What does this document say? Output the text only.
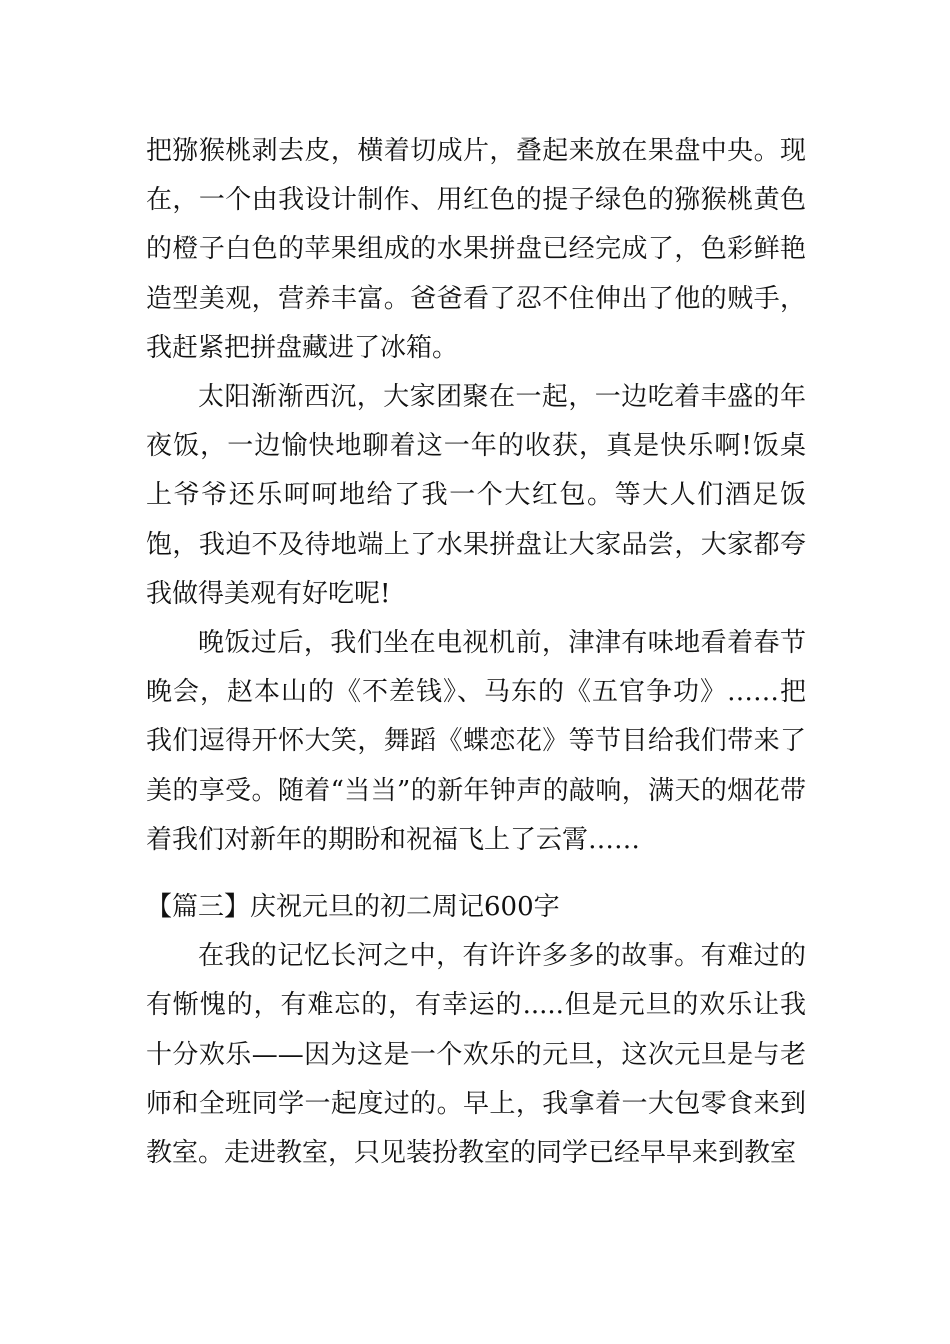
把猕猴桃剥去皮，横着切成片，叠起来放在果盘中央。现在，一个由我设计制作、用红色的提子绿色的猕猴桃黄色的橙子白色的苹果组成的水果拼盘已经完成了，色彩鲜艳造型美观，营养丰富。爸爸看了忍不住伸出了他的贼手，我赶紧把拼盘藏进了冰箱。

太阳渐渐西沉，大家团聚在一起，一边吃着丰盛的年夜饭，一边愉快地聊着这一年的收获，真是快乐啊!饭桌上爷爷还乐呵呵地给了我一个大红包。等大人们酒足饭饱，我迫不及待地端上了水果拼盘让大家品尝，大家都夸我做得美观有好吃呢!

晚饭过后，我们坐在电视机前，津津有味地看着春节晚会，赵本山的《不差钱》、马东的《五官争功》……把我们逗得开怀大笑，舞蹈《蝶恋花》等节目给我们带来了美的享受。随着“当当”的新年钟声的敲响，满天的烟花带着我们对新年的期盼和祝福飞上了云霄……

【篇三】庆祝元旦的初二周记600字

在我的记忆长河之中，有许许多多的故事。有难过的有惭愧的，有难忘的，有幸运的.....但是元旦的欢乐让我十分欢乐——因为这是一个欢乐的元旦，这次元旦是与老师和全班同学一起度过的。早上，我拿着一大包零食来到教室。走进教室，只见装扮教室的同学已经早早来到教室
